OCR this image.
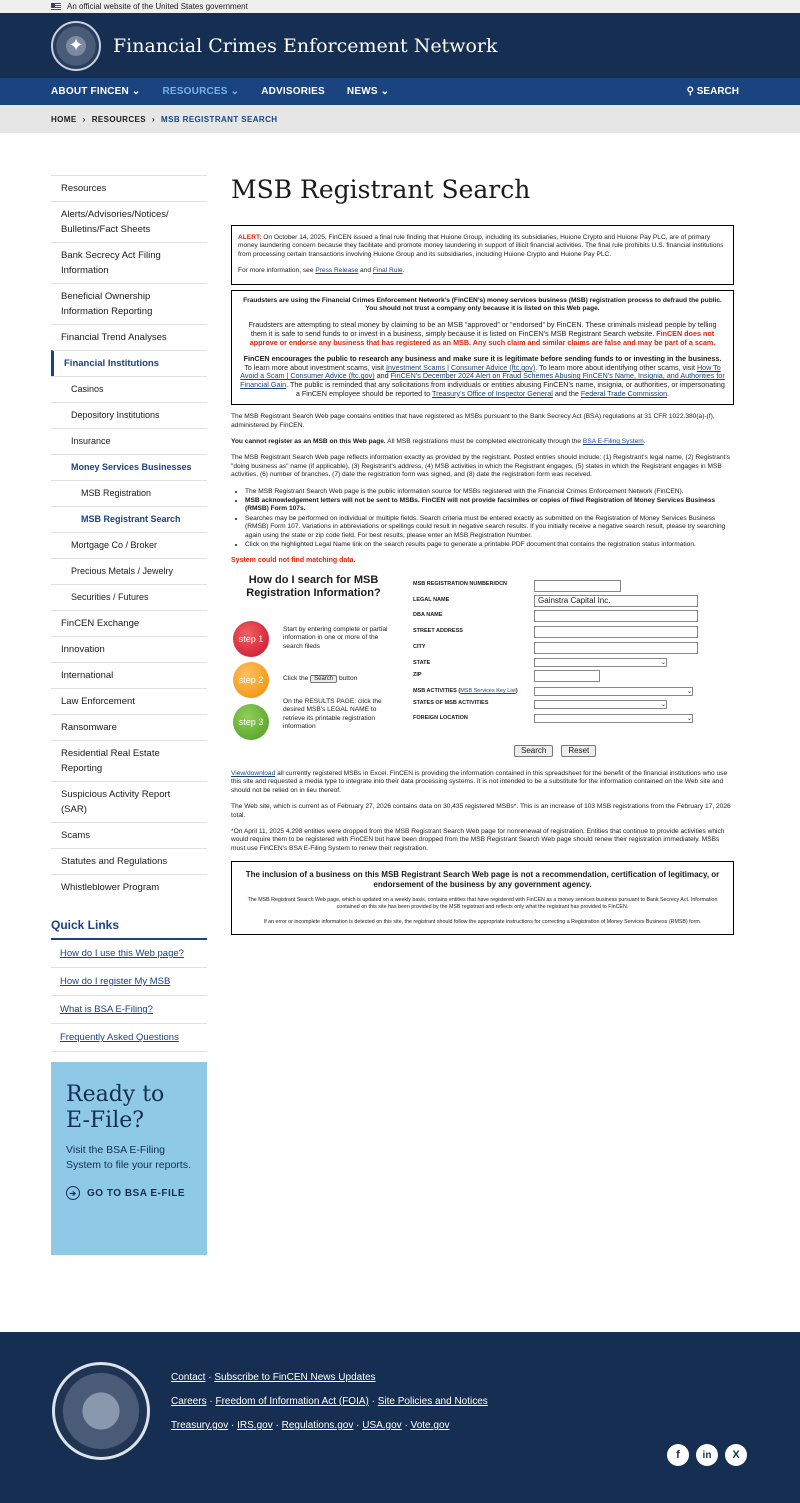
An official website of the United States government
✦	Financial Crimes Enforcement Network
ABOUT FINCEN ⌄ RESOURCES ⌄ ADVISORIES NEWS ⌄	⚲ SEARCH
HOME › RESOURCES › MSB REGISTRANT SEARCH
Resources
Alerts/Advisories/Notices/ Bulletins/Fact Sheets
Bank Secrecy Act Filing Information
Beneficial Ownership Information Reporting
Financial Trend Analyses
Financial Institutions
Casinos
Depository Institutions
Insurance
Money Services Businesses
MSB Registration
MSB Registrant Search
Mortgage Co / Broker
Precious Metals / Jewelry
Securities / Futures
FinCEN Exchange
Innovation
International
Law Enforcement
Ransomware
Residential Real Estate Reporting
Suspicious Activity Report (SAR)
Scams
Statutes and Regulations
Whistleblower Program
Quick Links
How do I use this Web page?
How do I register My MSB
What is BSA E-Filing?
Frequently Asked Questions
Ready to E-File?

Visit the BSA E-Filing System to file your reports.

➔	GO TO BSA E-FILE
MSB Registrant Search

ALERT: On October 14, 2025, FinCEN issued a final rule finding that Huione Group, including its subsidiaries, Huione Crypto and Huione Pay PLC, are of primary money laundering concern because they facilitate and promote money laundering in support of illicit financial activities. The final rule prohibits U.S. financial institutions from processing certain transactions involving Huione Group and its subsidiaries, including Huione Crypto and Huione Pay PLC.

For more information, see Press Release and Final Rule.

Fraudsters are using the Financial Crimes Enforcement Network’s (FinCEN’s) money services business (MSB) registration process to defraud the public. You should not trust a company only because it is listed on this Web page.

Fraudsters are attempting to steal money by claiming to be an MSB “approved” or “endorsed” by FinCEN. These criminals mislead people by telling them it is safe to send funds to or invest in a business, simply because it is listed on FinCEN’s MSB Registrant Search website. FinCEN does not approve or endorse any business that has registered as an MSB. Any such claim and similar claims are false and may be part of a scam.

FinCEN encourages the public to research any business and make sure it is legitimate before sending funds to or investing in the business. To learn more about investment scams, visit Investment Scams | Consumer Advice (ftc.gov). To learn more about identifying other scams, visit How To Avoid a Scam | Consumer Advice (ftc.gov) and FinCEN’s December 2024 Alert on Fraud Schemes Abusing FinCEN’s Name, Insignia, and Authorities for Financial Gain. The public is reminded that any solicitations from individuals or entities abusing FinCEN’s name, insignia, or authorities, or impersonating a FinCEN employee should be reported to Treasury’s Office of Inspector General and the Federal Trade Commission.

The MSB Registrant Search Web page contains entities that have registered as MSBs pursuant to the Bank Secrecy Act (BSA) regulations at 31 CFR 1022.380(a)-(f), administered by FinCEN.

You cannot register as an MSB on this Web page. All MSB registrations must be completed electronically through the BSA E-Filing System.

The MSB Registrant Search Web page reflects information exactly as provided by the registrant. Posted entries should include: (1) Registrant's legal name, (2) Registrant's "doing business as" name (if applicable), (3) Registrant's address, (4) MSB activities in which the Registrant engages, (5) states in which the Registrant engages in MSB activities, (6) number of branches, (7) date the registration form was signed, and (8) date the registration form was received.

• The MSB Registrant Search Web page is the public information source for MSBs registered with the Financial Crimes Enforcement Network (FinCEN).
• MSB acknowledgement letters will not be sent to MSBs. FinCEN will not provide facsimiles or copies of filed Registration of Money Services Business (RMSB) Form 107s.
• Searches may be performed on individual or multiple fields. Search criteria must be entered exactly as submitted on the Registration of Money Services Business (RMSB) Form 107. Variations in abbreviations or spellings could result in negative search results. If you initially receive a negative search result, please try searching again using the state or zip code field. For best results, please enter an MSB Registration Number.
• Click on the highlighted Legal Name link on the search results page to generate a printable PDF document that contains the registration status information.
System could not find matching data.
How do I search for MSB Registration Information?
step 1
Start by entering complete or partial information in one or more of the search fileds
step 2	Click the Search button
step 3
On the RESULTS PAGE: click the desired MSB's LEGAL NAME to retrieve its printable registration information
MSB REGISTRATION NUMBER/DCN
LEGAL NAME	Gainstra Capital Inc.
DBA NAME
STREET ADDRESS
CITY
STATE	⌄
ZIP
MSB ACTIVITIES (MSB Services Key List)	⌄
STATES OF MSB ACTIVITIES	⌄
FOREIGN LOCATION	⌄
Search	Reset

View/download all currently registered MSBs in Excel. FinCEN is providing the information contained in this spreadsheet for the benefit of the financial institutions who use this site and requested a media type to integrate into their data processing systems. It is not intended to be a substitute for the information contained on the Web site and should not be relied on in lieu thereof.

The Web site, which is current as of February 27, 2026 contains data on 30,435 registered MSBs*. This is an increase of 103 MSB registrations from the February 17, 2026 total.

*On April 11, 2025 4,298 entities were dropped from the MSB Registrant Search Web page for nonrenewal of registration. Entities that continue to provide activities which would require them to be registered with FinCEN but have been dropped from the MSB Registrant Search Web page should renew their registration immediately. MSBs must use FinCEN's BSA E-Filing System to renew their registration.

The inclusion of a business on this MSB Registrant Search Web page is not a recommendation, certification of legitimacy, or endorsement of the business by any government agency.

The MSB Registrant Search Web page, which is updated on a weekly basis, contains entities that have registered with FinCEN as a money services business pursuant to Bank Secrecy Act. Information contained on this site has been provided by the MSB registrant and reflects only what the registrant has provided to FinCEN.

If an error or incomplete information is detected on this site, the registrant should follow the appropriate instructions for correcting a Registration of Money Services Business (RMSB) form.

Contact · Subscribe to FinCEN News Updates
Careers · Freedom of Information Act (FOIA) · Site Policies and Notices
Treasury.gov · IRS.gov · Regulations.gov · USA.gov · Vote.gov
f	in	X
